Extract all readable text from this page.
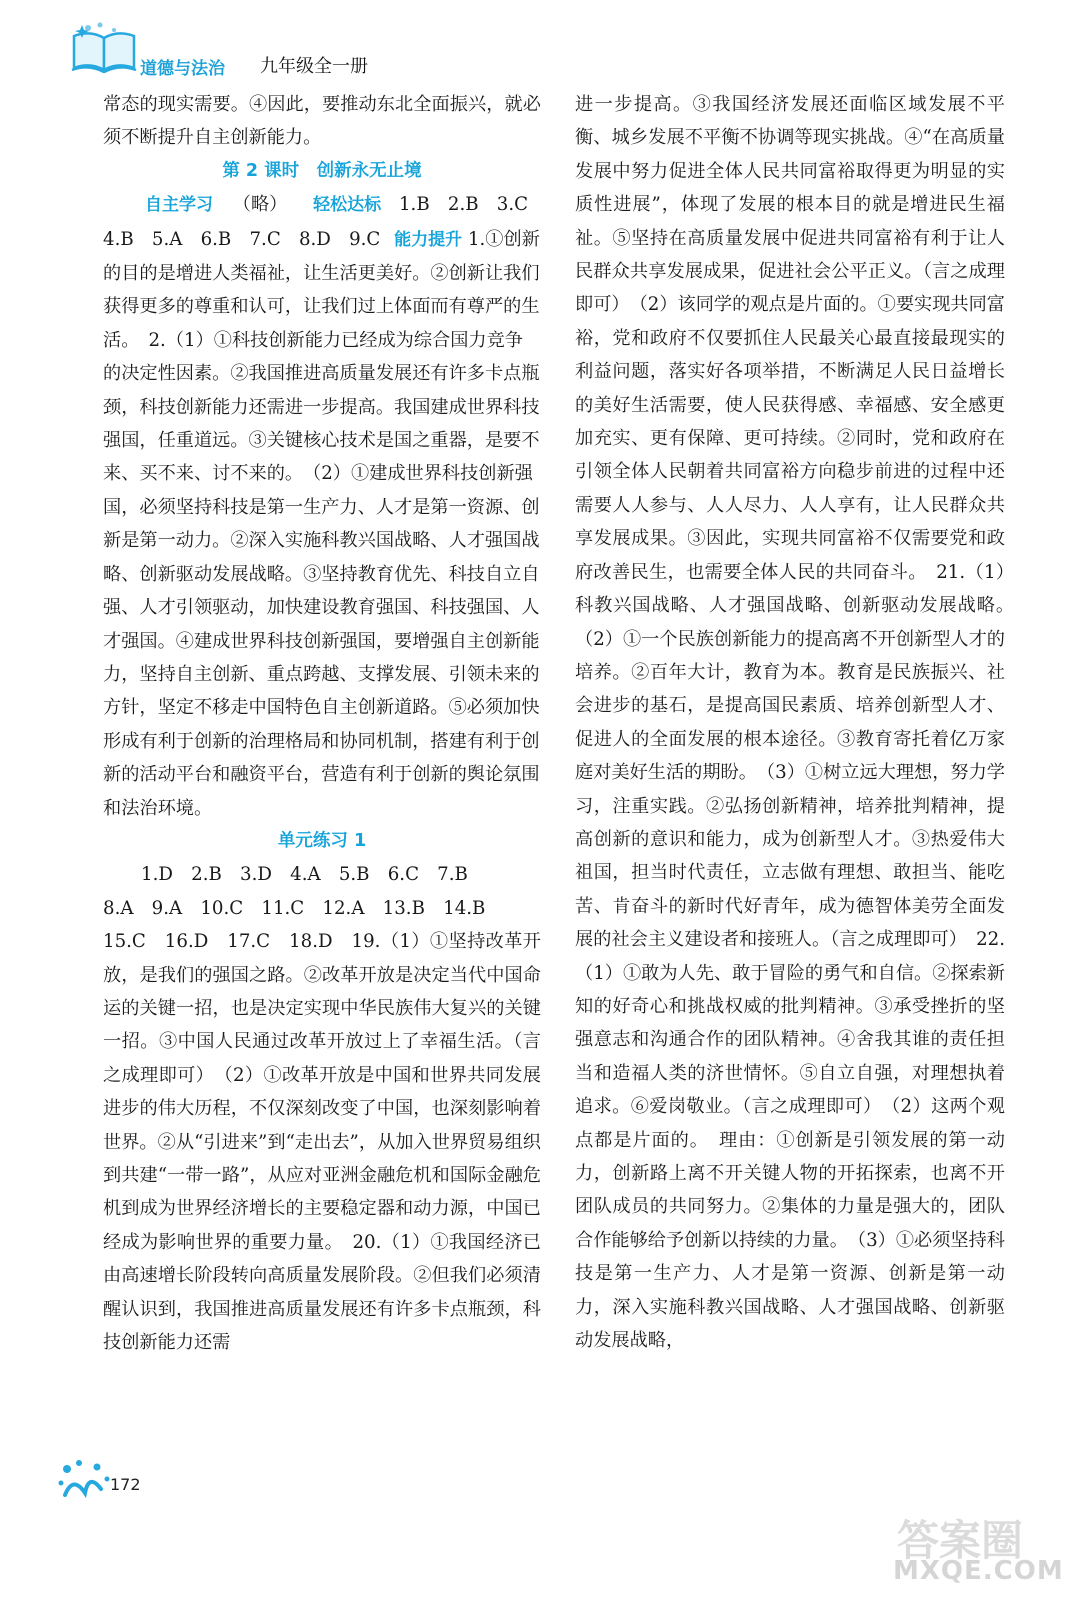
道德与法治 九年级全一册

常态的现实需要。④因此，要推动东北全面振兴，就必须不断提升自主创新能力。

第 2 课时　创新永无止境

自主学习 （略） 轻松达标 1.B　2.B　3.C　4.B　5.A　6.B　7.C　8.D　9.C 能力提升 1.①创新的目的是增进人类福祉，让生活更美好。②创新让我们获得更多的尊重和认可，让我们过上体面而有尊严的生活。　2.（1）①科技创新能力已经成为综合国力竞争的决定性因素。②我国推进高质量发展还有许多卡点瓶颈，科技创新能力还需进一步提高。我国建成世界科技强国，任重道远。③关键核心技术是国之重器，是要不来、买不来、讨不来的。　（2）①建成世界科技创新强国，必须坚持科技是第一生产力、人才是第一资源、创新是第一动力。②深入实施科教兴国战略、人才强国战略、创新驱动发展战略。③坚持教育优先、科技自立自强、人才引领驱动，加快建设教育强国、科技强国、人才强国。④建成世界科技创新强国，要增强自主创新能力，坚持自主创新、重点跨越、支撑发展、引领未来的方针，坚定不移走中国特色自主创新道路。⑤必须加快形成有利于创新的治理格局和协同机制，搭建有利于创新的活动平台和融资平台，营造有利于创新的舆论氛围和法治环境。

单元练习 1

1.D　2.B　3.D　4.A　5.B　6.C　7.B

8.A　9.A　10.C　11.C　12.A　13.B　14.B

15.C　16.D　17.C　18.D　19.（1）①坚持改革开放，是我们的强国之路。②改革开放是决定当代中国命运的关键一招，也是决定实现中华民族伟大复兴的关键一招。③中国人民通过改革开放过上了幸福生活。（言之成理即可）　（2）①改革开放是中国和世界共同发展进步的伟大历程，不仅深刻改变了中国，也深刻影响着世界。②从“引进来”到“走出去”，从加入世界贸易组织到共建“一带一路”，从应对亚洲金融危机和国际金融危机到成为世界经济增长的主要稳定器和动力源，中国已经成为影响世界的重要力量。　20.（1）①我国经济已由高速增长阶段转向高质量发展阶段。②但我们必须清醒认识到，我国推进高质量发展还有许多卡点瓶颈，科技创新能力还需

进一步提高。③我国经济发展还面临区域发展不平衡、城乡发展不平衡不协调等现实挑战。④“在高质量发展中努力促进全体人民共同富裕取得更为明显的实质性进展”，体现了发展的根本目的就是增进民生福祉。⑤坚持在高质量发展中促进共同富裕有利于让人民群众共享发展成果，促进社会公平正义。（言之成理即可）　（2）该同学的观点是片面的。①要实现共同富裕，党和政府不仅要抓住人民最关心最直接最现实的利益问题，落实好各项举措，不断满足人民日益增长的美好生活需要，使人民获得感、幸福感、安全感更加充实、更有保障、更可持续。②同时，党和政府在引领全体人民朝着共同富裕方向稳步前进的过程中还需要人人参与、人人尽力、人人享有，让人民群众共享发展成果。③因此，实现共同富裕不仅需要党和政府改善民生，也需要全体人民的共同奋斗。　21.（1）科教兴国战略、人才强国战略、创新驱动发展战略。　（2）①一个民族创新能力的提高离不开创新型人才的培养。②百年大计，教育为本。教育是民族振兴、社会进步的基石，是提高国民素质、培养创新型人才、促进人的全面发展的根本途径。③教育寄托着亿万家庭对美好生活的期盼。　（3）①树立远大理想，努力学习，注重实践。②弘扬创新精神，培养批判精神，提高创新的意识和能力，成为创新型人才。③热爱伟大祖国，担当时代责任，立志做有理想、敢担当、能吃苦、肯奋斗的新时代好青年，成为德智体美劳全面发展的社会主义建设者和接班人。（言之成理即可）　22.（1）①敢为人先、敢于冒险的勇气和自信。②探索新知的好奇心和挑战权威的批判精神。③承受挫折的坚强意志和沟通合作的团队精神。④舍我其谁的责任担当和造福人类的济世情怀。⑤自立自强，对理想执着追求。⑥爱岗敬业。（言之成理即可）　（2）这两个观点都是片面的。　理由：①创新是引领发展的第一动力，创新路上离不开关键人物的开拓探索，也离不开团队成员的共同努力。②集体的力量是强大的，团队合作能够给予创新以持续的力量。　（3）①必须坚持科技是第一生产力、人才是第一资源、创新是第一动力，深入实施科教兴国战略、人才强国战略、创新驱动发展战略，

172
答案圈
MXQE.COM
